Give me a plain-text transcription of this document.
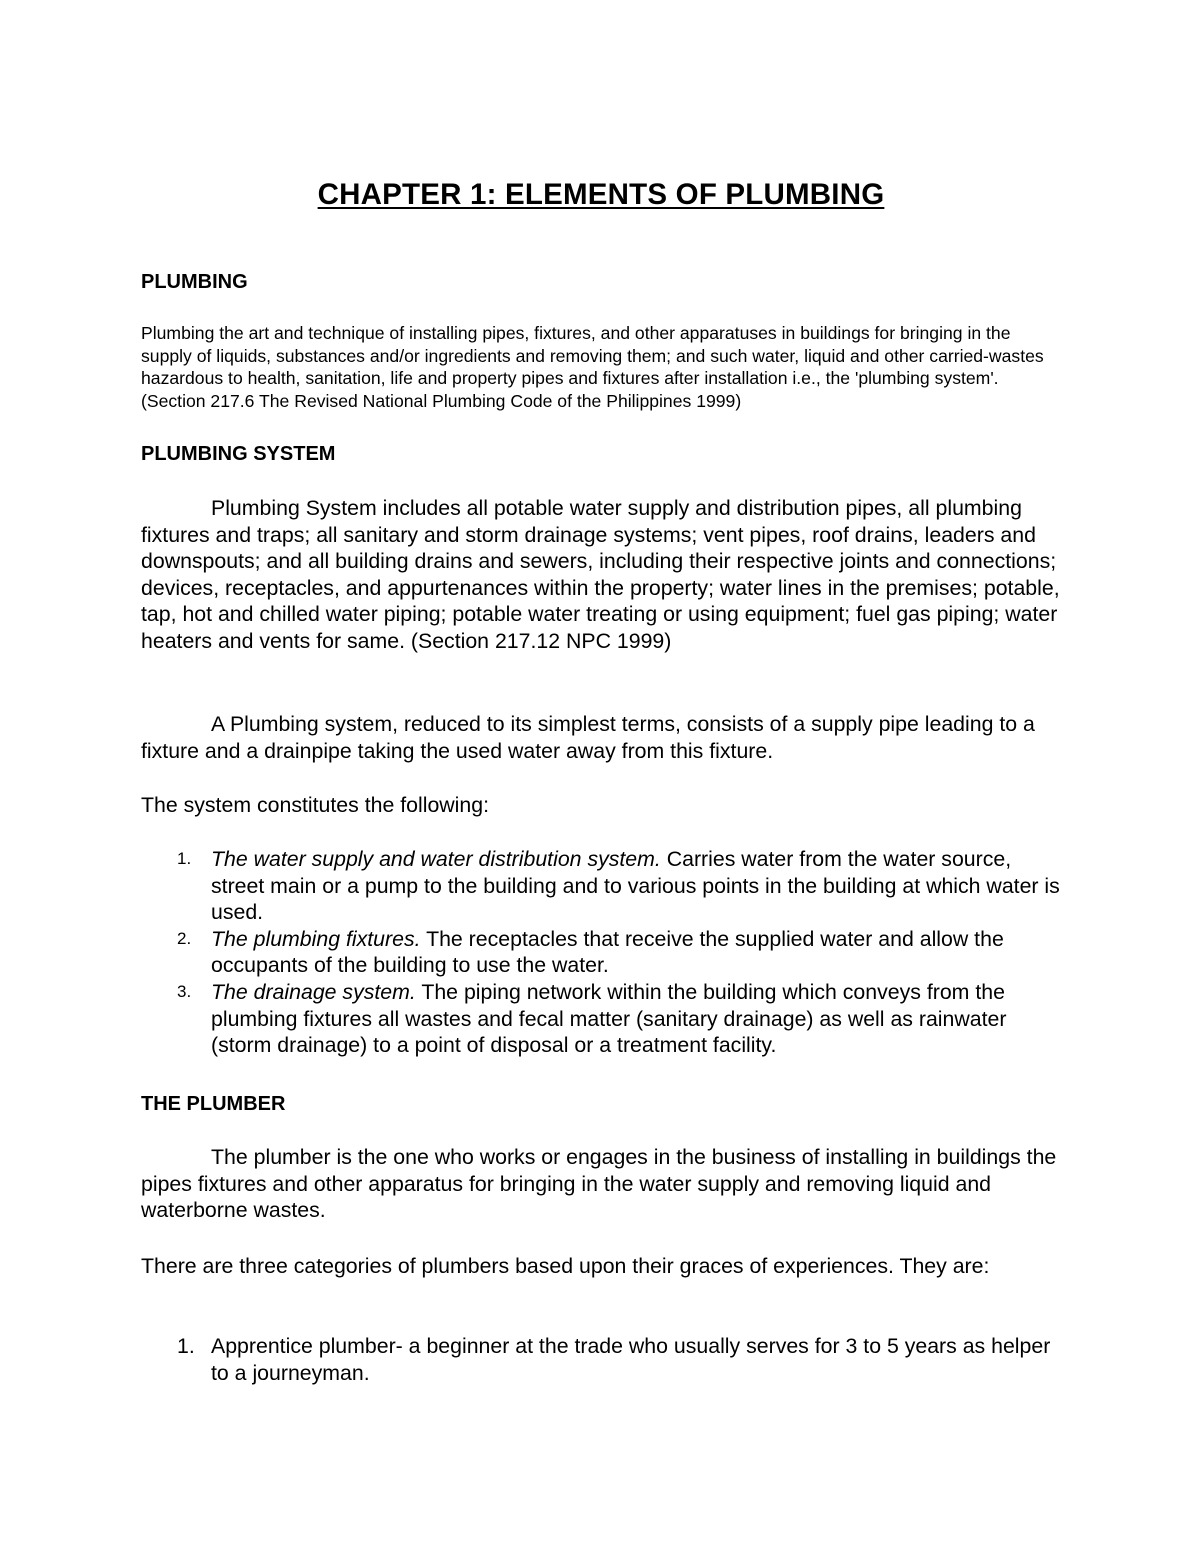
CHAPTER 1: ELEMENTS OF PLUMBING
PLUMBING

Plumbing the art and technique of installing pipes, fixtures, and other apparatuses in buildings for bringing in the supply of liquids, substances and/or ingredients and removing them; and such water, liquid and other carried-wastes hazardous to health, sanitation, life and property pipes and fixtures after installation i.e., the 'plumbing system'. (Section 217.6 The Revised National Plumbing Code of the Philippines 1999)

PLUMBING SYSTEM

Plumbing System includes all potable water supply and distribution pipes, all plumbing fixtures and traps; all sanitary and storm drainage systems; vent pipes, roof drains, leaders and downspouts; and all building drains and sewers, including their respective joints and connections; devices, receptacles, and appurtenances within the property; water lines in the premises; potable, tap, hot and chilled water piping; potable water treating or using equipment; fuel gas piping; water heaters and vents for same. (Section 217.12 NPC 1999)

A Plumbing system, reduced to its simplest terms, consists of a supply pipe leading to a fixture and a drainpipe taking the used water away from this fixture.

The system constitutes the following:

1. The water supply and water distribution system. Carries water from the water source, street main or a pump to the building and to various points in the building at which water is used.
2. The plumbing fixtures. The receptacles that receive the supplied water and allow the occupants of the building to use the water.
3. The drainage system. The piping network within the building which conveys from the plumbing fixtures all wastes and fecal matter (sanitary drainage) as well as rainwater (storm drainage) to a point of disposal or a treatment facility.
THE PLUMBER

The plumber is the one who works or engages in the business of installing in buildings the pipes fixtures and other apparatus for bringing in the water supply and removing liquid and waterborne wastes.

There are three categories of plumbers based upon their graces of experiences. They are:

1. Apprentice plumber- a beginner at the trade who usually serves for 3 to 5 years as helper to a journeyman.
